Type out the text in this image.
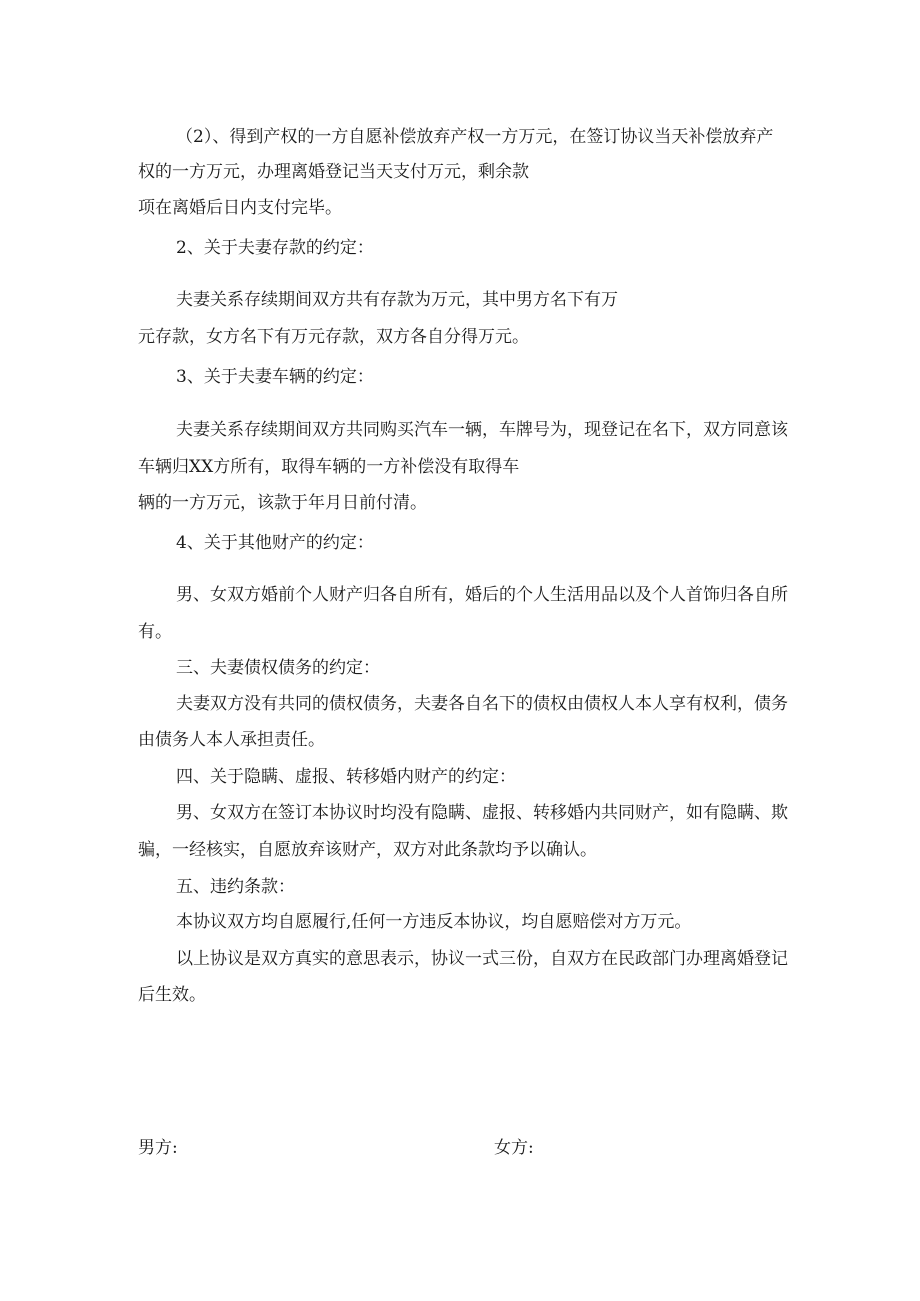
（2）、得到产权的一方自愿补偿放弃产权一方万元，在签订协议当天补偿放弃产
权的一方万元，办理离婚登记当天支付万元，剩余款
项在离婚后日内支付完毕。
2、关于夫妻存款的约定：
夫妻关系存续期间双方共有存款为万元，其中男方名下有万
元存款，女方名下有万元存款，双方各自分得万元。
3、关于夫妻车辆的约定：
夫妻关系存续期间双方共同购买汽车一辆，车牌号为，现登记在名下，双方同意该
车辆归XX方所有，取得车辆的一方补偿没有取得车
辆的一方万元，该款于年月日前付清。
4、关于其他财产的约定：
男、女双方婚前个人财产归各自所有，婚后的个人生活用品以及个人首饰归各自所
有。
三、夫妻债权债务的约定：
夫妻双方没有共同的债权债务，夫妻各自名下的债权由债权人本人享有权利，债务
由债务人本人承担责任。
四、关于隐瞒、虚报、转移婚内财产的约定：
男、女双方在签订本协议时均没有隐瞒、虚报、转移婚内共同财产，如有隐瞒、欺
骗，一经核实，自愿放弃该财产，双方对此条款均予以确认。
五、违约条款：
本协议双方均自愿履行,任何一方违反本协议，均自愿赔偿对方万元。
以上协议是双方真实的意思表示，协议一式三份，自双方在民政部门办理离婚登记
后生效。
男方:	女方:
